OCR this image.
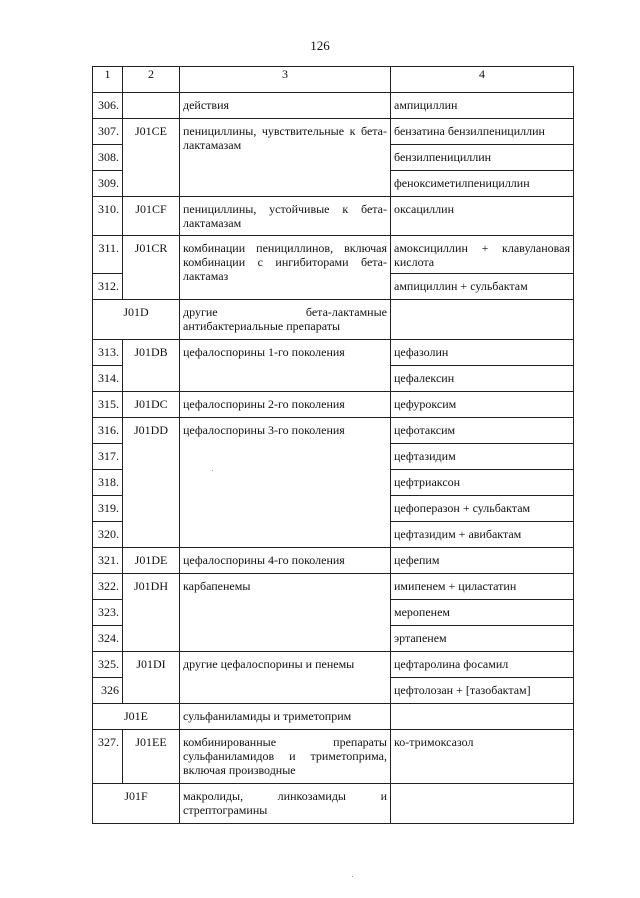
126
1	2	3	4
306.		действия	ампициллин
307.	J01CE	пенициллины, чувствительные к бета-лактамазам	бензатина бензилпенициллин
308.			бензилпенициллин
309.			феноксиметилпенициллин
310.	J01CF	пенициллины, устойчивые к бета-лактамазам	оксациллин
311.	J01CR	комбинации пенициллинов, включая комбинации с ингибиторами бета-лактамаз	амоксициллин + клавулановая кислота
312.			ампициллин + сульбактам
J01D		другие бета-лактамные антибактериальные препараты	
313.	J01DB	цефалоспорины 1-го поколения	цефазолин
314.			цефалексин
315.	J01DC	цефалоспорины 2-го поколения	цефуроксим
316.	J01DD	цефалоспорины 3-го поколения	цефотаксим
317.			цефтазидим
318.			цефтриаксон
319.			цефоперазон + сульбактам
320.			цефтазидим + авибактам
321.	J01DE	цефалоспорины 4-го поколения	цефепим
322.	J01DH	карбапенемы	имипенем + циластатин
323.			меропенем
324.			эртапенем
325.	J01DI	другие цефалоспорины и пенемы	цефтаролина фосамил
326			цефтолозан + [тазобактам]
J01E		сульфаниламиды и триметоприм	
327.	J01EE	комбинированные препараты сульфаниламидов и триметоприма, включая производные	ко-тримоксазол
J01F		макролиды, линкозамиды и стрептограмины	
